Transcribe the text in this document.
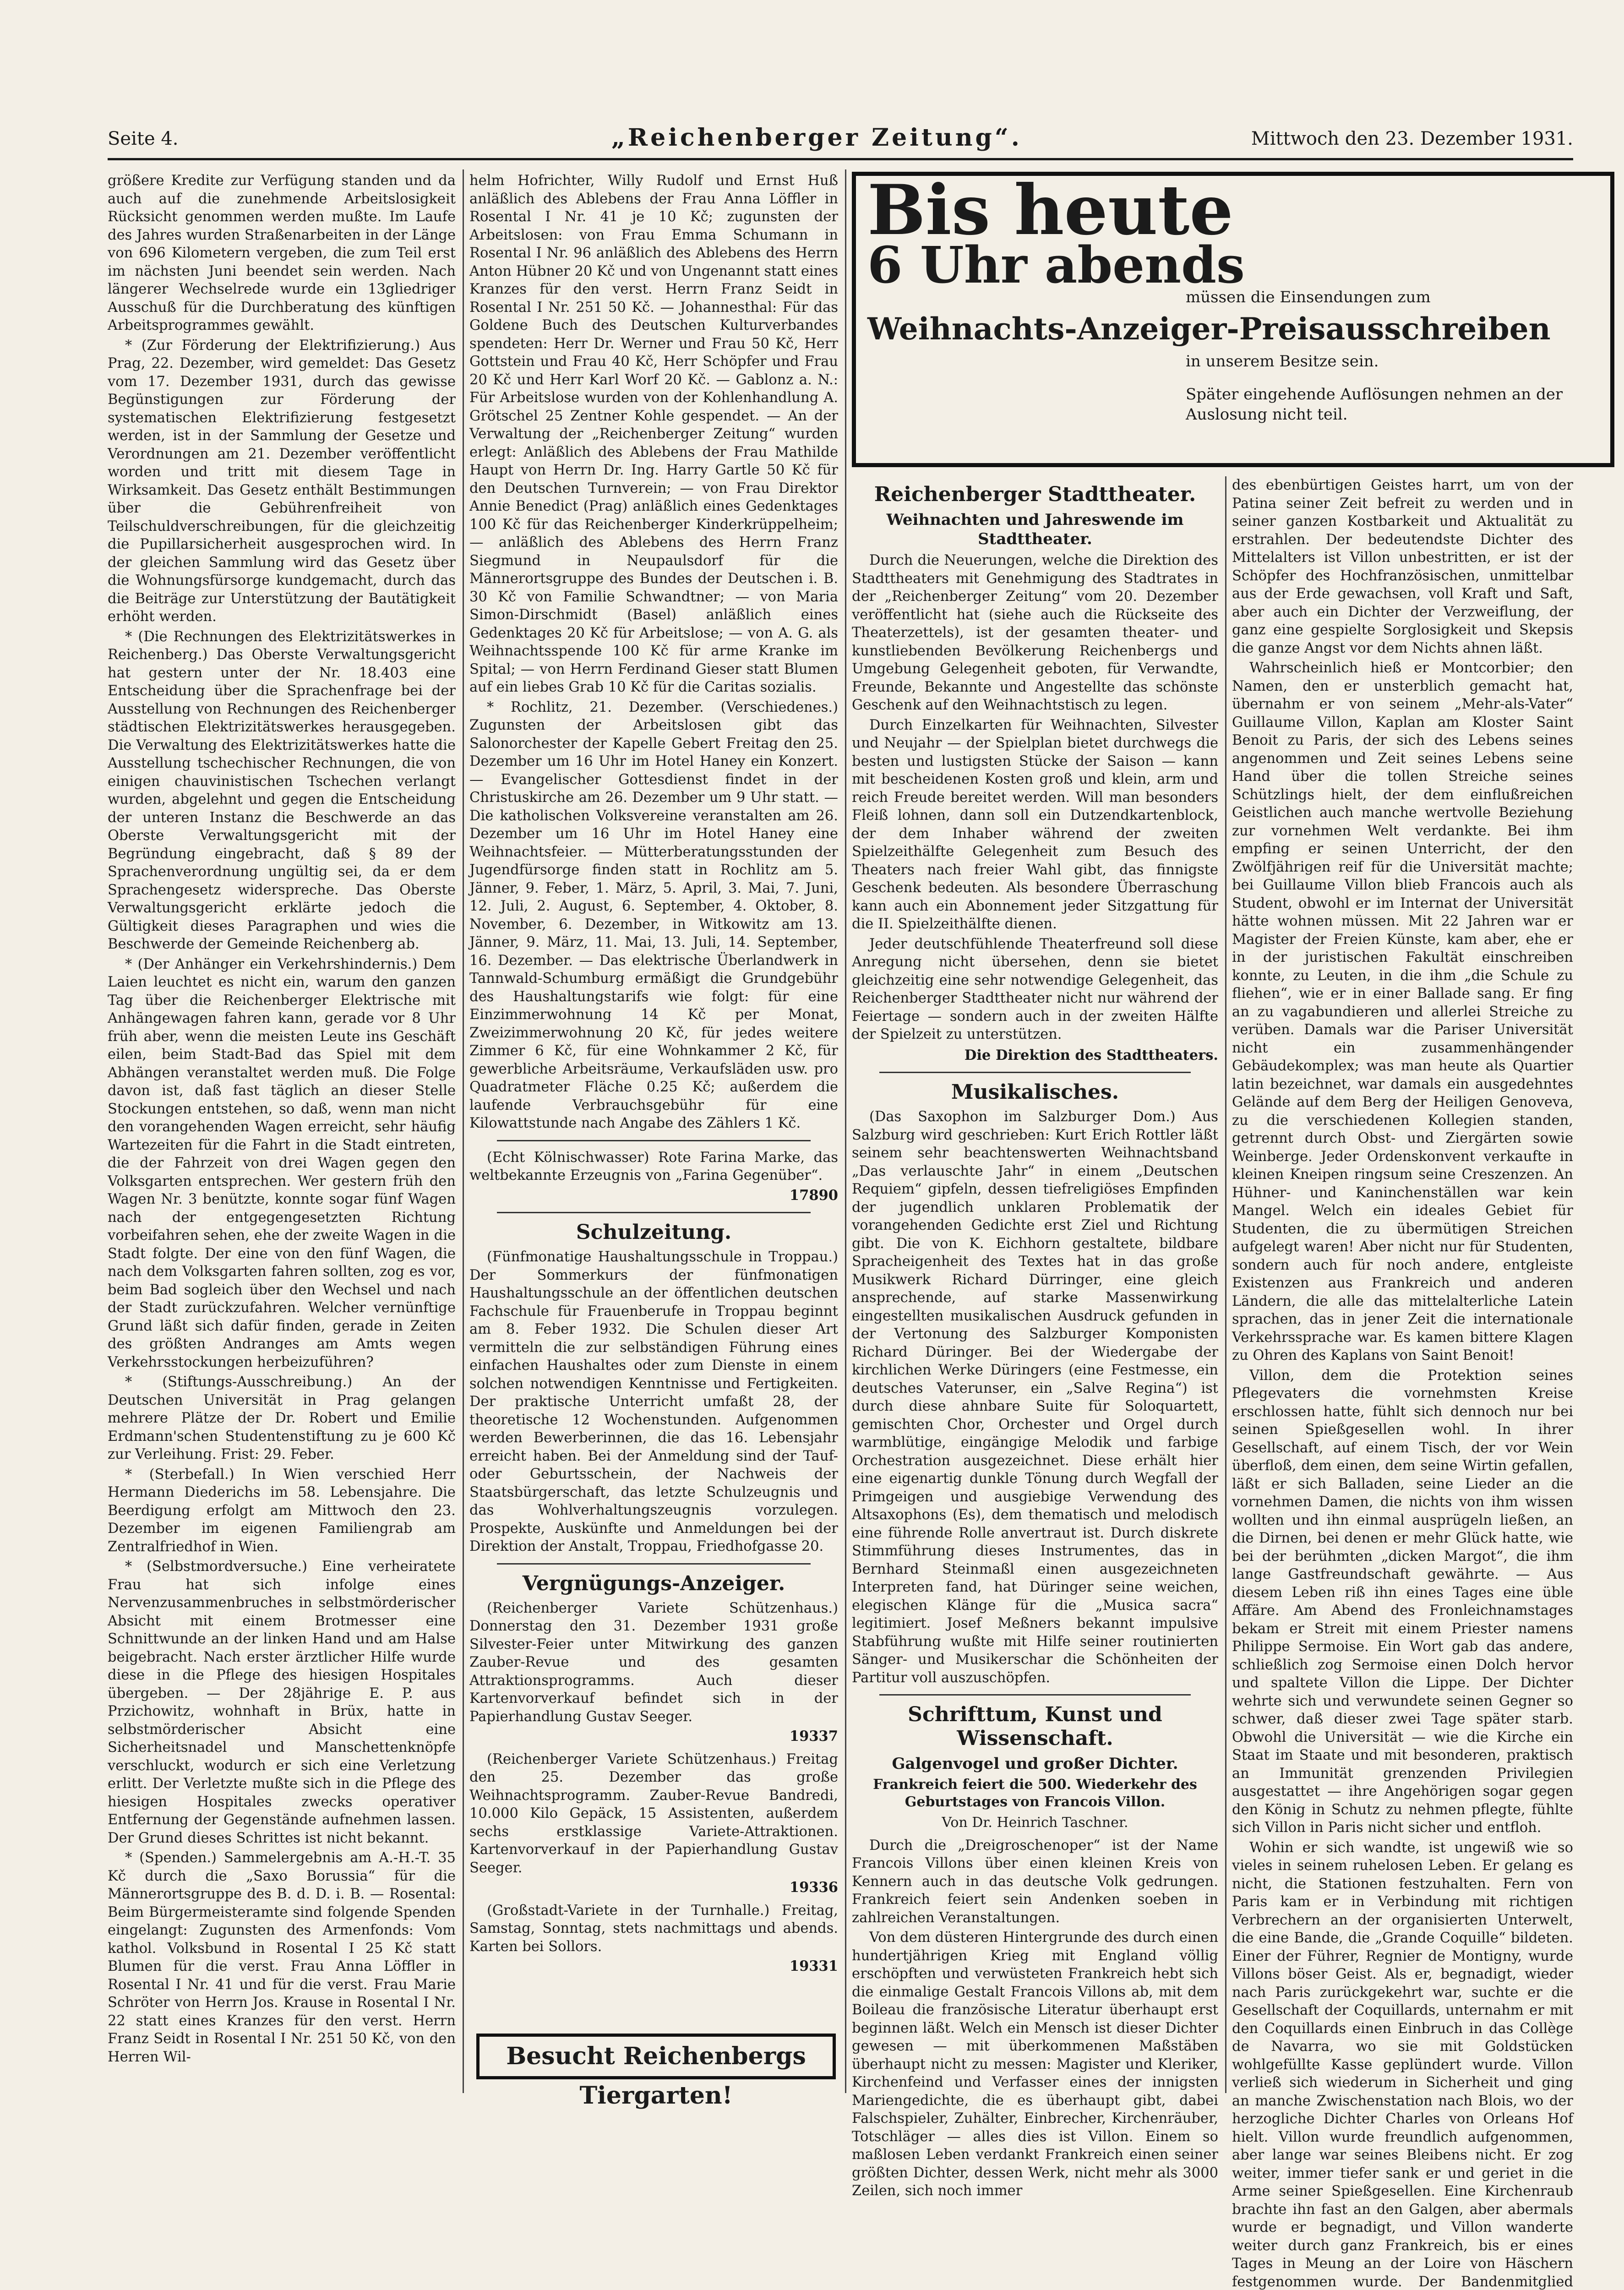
Seite 4.	„Reichenberger Zeitung“.	Mittwoch den 23. Dezember 1931.

größere Kredite zur Verfügung standen und da auch auf die zunehmende Arbeitslosigkeit Rücksicht genommen werden mußte. Im Laufe des Jahres wurden Straßenarbeiten in der Länge von 696 Kilometern vergeben, die zum Teil erst im nächsten Juni beendet sein werden. Nach längerer Wechselrede wurde ein 13gliedriger Ausschuß für die Durchberatung des künftigen Arbeitsprogrammes gewählt.

* (Zur Förderung der Elektrifizierung.) Aus Prag, 22. Dezember, wird gemeldet: Das Gesetz vom 17. Dezember 1931, durch das gewisse Begünstigungen zur Förderung der systematischen Elektrifizierung festgesetzt werden, ist in der Sammlung der Gesetze und Verordnungen am 21. Dezember veröffentlicht worden und tritt mit diesem Tage in Wirksamkeit. Das Gesetz enthält Bestimmungen über die Gebührenfreiheit von Teilschuldverschreibungen, für die gleichzeitig die Pupillarsicherheit ausgesprochen wird. In der gleichen Sammlung wird das Gesetz über die Wohnungsfürsorge kundgemacht, durch das die Beiträge zur Unterstützung der Bautätigkeit erhöht werden.

* (Die Rechnungen des Elektrizitätswerkes in Reichenberg.) Das Oberste Verwaltungsgericht hat gestern unter der Nr. 18.403 eine Entscheidung über die Sprachenfrage bei der Ausstellung von Rechnungen des Reichenberger städtischen Elektrizitätswerkes herausgegeben. Die Verwaltung des Elektrizitätswerkes hatte die Ausstellung tschechischer Rechnungen, die von einigen chauvinistischen Tschechen verlangt wurden, abgelehnt und gegen die Entscheidung der unteren Instanz die Beschwerde an das Oberste Verwaltungsgericht mit der Begründung eingebracht, daß § 89 der Sprachenverordnung ungültig sei, da er dem Sprachengesetz widerspreche. Das Oberste Verwaltungsgericht erklärte jedoch die Gültigkeit dieses Paragraphen und wies die Beschwerde der Gemeinde Reichenberg ab.

* (Der Anhänger ein Verkehrshindernis.) Dem Laien leuchtet es nicht ein, warum den ganzen Tag über die Reichenberger Elektrische mit Anhängewagen fahren kann, gerade vor 8 Uhr früh aber, wenn die meisten Leute ins Geschäft eilen, beim Stadt-Bad das Spiel mit dem Abhängen veranstaltet werden muß. Die Folge davon ist, daß fast täglich an dieser Stelle Stockungen entstehen, so daß, wenn man nicht den vorangehenden Wagen erreicht, sehr häufig Wartezeiten für die Fahrt in die Stadt eintreten, die der Fahrzeit von drei Wagen gegen den Volksgarten entsprechen. Wer gestern früh den Wagen Nr. 3 benützte, konnte sogar fünf Wagen nach der entgegengesetzten Richtung vorbeifahren sehen, ehe der zweite Wagen in die Stadt folgte. Der eine von den fünf Wagen, die nach dem Volksgarten fahren sollten, zog es vor, beim Bad sogleich über den Wechsel und nach der Stadt zurückzufahren. Welcher vernünftige Grund läßt sich dafür finden, gerade in Zeiten des größten Andranges am Amts wegen Verkehrsstockungen herbeizuführen?

* (Stiftungs-Ausschreibung.) An der Deutschen Universität in Prag gelangen mehrere Plätze der Dr. Robert und Emilie Erdmann'schen Studentenstiftung zu je 600 Kč zur Verleihung. Frist: 29. Feber.

* (Sterbefall.) In Wien verschied Herr Hermann Diederichs im 58. Lebensjahre. Die Beerdigung erfolgt am Mittwoch den 23. Dezember im eigenen Familiengrab am Zentralfriedhof in Wien.

* (Selbstmordversuche.) Eine verheiratete Frau hat sich infolge eines Nervenzusammenbruches in selbstmörderischer Absicht mit einem Brotmesser eine Schnittwunde an der linken Hand und am Halse beigebracht. Nach erster ärztlicher Hilfe wurde diese in die Pflege des hiesigen Hospitales übergeben. — Der 28jährige E. P. aus Przichowitz, wohnhaft in Brüx, hatte in selbstmörderischer Absicht eine Sicherheitsnadel und Manschettenknöpfe verschluckt, wodurch er sich eine Verletzung erlitt. Der Verletzte mußte sich in die Pflege des hiesigen Hospitales zwecks operativer Entfernung der Gegenstände aufnehmen lassen. Der Grund dieses Schrittes ist nicht bekannt.

* (Spenden.) Sammelergebnis am A.-H.-T. 35 Kč durch die „Saxo Borussia“ für die Männerortsgruppe des B. d. D. i. B. — Rosental: Beim Bürgermeisteramte sind folgende Spenden eingelangt: Zugunsten des Armenfonds: Vom kathol. Volksbund in Rosental I 25 Kč statt Blumen für die verst. Frau Anna Löffler in Rosental I Nr. 41 und für die verst. Frau Marie Schröter von Herrn Jos. Krause in Rosental I Nr. 22 statt eines Kranzes für den verst. Herrn Franz Seidt in Rosental I Nr. 251 50 Kč, von den Herren Wil-

helm Hofrichter, Willy Rudolf und Ernst Huß anläßlich des Ablebens der Frau Anna Löffler in Rosental I Nr. 41 je 10 Kč; zugunsten der Arbeitslosen: von Frau Emma Schumann in Rosental I Nr. 96 anläßlich des Ablebens des Herrn Anton Hübner 20 Kč und von Ungenannt statt eines Kranzes für den verst. Herrn Franz Seidt in Rosental I Nr. 251 50 Kč. — Johannesthal: Für das Goldene Buch des Deutschen Kulturverbandes spendeten: Herr Dr. Werner und Frau 50 Kč, Herr Gottstein und Frau 40 Kč, Herr Schöpfer und Frau 20 Kč und Herr Karl Worf 20 Kč. — Gablonz a. N.: Für Arbeitslose wurden von der Kohlenhandlung A. Grötschel 25 Zentner Kohle gespendet. — An der Verwaltung der „Reichenberger Zeitung“ wurden erlegt: Anläßlich des Ablebens der Frau Mathilde Haupt von Herrn Dr. Ing. Harry Gartle 50 Kč für den Deutschen Turnverein; — von Frau Direktor Annie Benedict (Prag) anläßlich eines Gedenktages 100 Kč für das Reichenberger Kinderkrüppelheim; — anläßlich des Ablebens des Herrn Franz Siegmund in Neupaulsdorf für die Männerortsgruppe des Bundes der Deutschen i. B. 30 Kč von Familie Schwandtner; — von Maria Simon-Dirschmidt (Basel) anläßlich eines Gedenktages 20 Kč für Arbeitslose; — von A. G. als Weihnachtsspende 100 Kč für arme Kranke im Spital; — von Herrn Ferdinand Gieser statt Blumen auf ein liebes Grab 10 Kč für die Caritas sozialis.

* Rochlitz, 21. Dezember. (Verschiedenes.) Zugunsten der Arbeitslosen gibt das Salonorchester der Kapelle Gebert Freitag den 25. Dezember um 16 Uhr im Hotel Haney ein Konzert. — Evangelischer Gottesdienst findet in der Christuskirche am 26. Dezember um 9 Uhr statt. — Die katholischen Volksvereine veranstalten am 26. Dezember um 16 Uhr im Hotel Haney eine Weihnachtsfeier. — Mütterberatungsstunden der Jugendfürsorge finden statt in Rochlitz am 5. Jänner, 9. Feber, 1. März, 5. April, 3. Mai, 7. Juni, 12. Juli, 2. August, 6. September, 4. Oktober, 8. November, 6. Dezember, in Witkowitz am 13. Jänner, 9. März, 11. Mai, 13. Juli, 14. September, 16. Dezember. — Das elektrische Überlandwerk in Tannwald-Schumburg ermäßigt die Grundgebühr des Haushaltungstarifs wie folgt: für eine Einzimmerwohnung 14 Kč per Monat, Zweizimmerwohnung 20 Kč, für jedes weitere Zimmer 6 Kč, für eine Wohnkammer 2 Kč, für gewerbliche Arbeitsräume, Verkaufsläden usw. pro Quadratmeter Fläche 0.25 Kč; außerdem die laufende Verbrauchsgebühr für eine Kilowattstunde nach Angabe des Zählers 1 Kč.

(Echt Kölnischwasser) Rote Farina Marke, das weltbekannte Erzeugnis von „Farina Gegenüber“.

17890
Schulzeitung.

(Fünfmonatige Haushaltungsschule in Troppau.) Der Sommerkurs der fünfmonatigen Haushaltungsschule an der öffentlichen deutschen Fachschule für Frauenberufe in Troppau beginnt am 8. Feber 1932. Die Schulen dieser Art vermitteln die zur selbständigen Führung eines einfachen Haushaltes oder zum Dienste in einem solchen notwendigen Kenntnisse und Fertigkeiten. Der praktische Unterricht umfaßt 28, der theoretische 12 Wochenstunden. Aufgenommen werden Bewerberinnen, die das 16. Lebensjahr erreicht haben. Bei der Anmeldung sind der Tauf- oder Geburtsschein, der Nachweis der Staatsbürgerschaft, das letzte Schulzeugnis und das Wohlverhaltungszeugnis vorzulegen. Prospekte, Auskünfte und Anmeldungen bei der Direktion der Anstalt, Troppau, Friedhofgasse 20.

Vergnügungs-Anzeiger.

(Reichenberger Variete Schützenhaus.) Donnerstag den 31. Dezember 1931 große Silvester-Feier unter Mitwirkung des ganzen Zauber-Revue und des gesamten Attraktionsprogramms. Auch dieser Kartenvorverkauf befindet sich in der Papierhandlung Gustav Seeger.

19337

(Reichenberger Variete Schützenhaus.) Freitag den 25. Dezember das große Weihnachtsprogramm. Zauber-Revue Bandredi, 10.000 Kilo Gepäck, 15 Assistenten, außerdem sechs erstklassige Variete-Attraktionen. Kartenvorverkauf in der Papierhandlung Gustav Seeger.

19336

(Großstadt-Variete in der Turnhalle.) Freitag, Samstag, Sonntag, stets nachmittags und abends. Karten bei Sollors.

19331
Besucht Reichenbergs Tiergarten!
Bis heute
6 Uhr abends
müssen die Einsendungen zum
Weihnachts-Anzeiger-Preisausschreiben
in unserem Besitze sein.
Später eingehende Auflösungen nehmen an der Auslosung nicht teil.
Reichenberger Stadttheater.
Weihnachten und Jahreswende im Stadttheater.

Durch die Neuerungen, welche die Direktion des Stadttheaters mit Genehmigung des Stadtrates in der „Reichenberger Zeitung“ vom 20. Dezember veröffentlicht hat (siehe auch die Rückseite des Theaterzettels), ist der gesamten theater- und kunstliebenden Bevölkerung Reichenbergs und Umgebung Gelegenheit geboten, für Verwandte, Freunde, Bekannte und Angestellte das schönste Geschenk auf den Weihnachtstisch zu legen.

Durch Einzelkarten für Weihnachten, Silvester und Neujahr — der Spielplan bietet durchwegs die besten und lustigsten Stücke der Saison — kann mit bescheidenen Kosten groß und klein, arm und reich Freude bereitet werden. Will man besonders Fleiß lohnen, dann soll ein Dutzendkartenblock, der dem Inhaber während der zweiten Spielzeithälfte Gelegenheit zum Besuch des Theaters nach freier Wahl gibt, das finnigste Geschenk bedeuten. Als besondere Überraschung kann auch ein Abonnement jeder Sitzgattung für die II. Spielzeithälfte dienen.

Jeder deutschfühlende Theaterfreund soll diese Anregung nicht übersehen, denn sie bietet gleichzeitig eine sehr notwendige Gelegenheit, das Reichenberger Stadttheater nicht nur während der Feiertage — sondern auch in der zweiten Hälfte der Spielzeit zu unterstützen.

Die Direktion des Stadttheaters.
Musikalisches.

(Das Saxophon im Salzburger Dom.) Aus Salzburg wird geschrieben: Kurt Erich Rottler läßt seinem sehr beachtenswerten Weihnachtsband „Das verlauschte Jahr“ in einem „Deutschen Requiem“ gipfeln, dessen tiefreligiöses Empfinden der jugendlich unklaren Problematik der vorangehenden Gedichte erst Ziel und Richtung gibt. Die von K. Eichhorn gestaltete, bildbare Spracheigenheit des Textes hat in das große Musikwerk Richard Dürringer, eine gleich ansprechende, auf starke Massenwirkung eingestellten musikalischen Ausdruck gefunden in der Vertonung des Salzburger Komponisten Richard Düringer. Bei der Wiedergabe der kirchlichen Werke Düringers (eine Festmesse, ein deutsches Vaterunser, ein „Salve Regina“) ist durch diese ahnbare Suite für Soloquartett, gemischten Chor, Orchester und Orgel durch warmblütige, eingängige Melodik und farbige Orchestration ausgezeichnet. Diese erhält hier eine eigenartig dunkle Tönung durch Wegfall der Primgeigen und ausgiebige Verwendung des Altsaxophons (Es), dem thematisch und melodisch eine führende Rolle anvertraut ist. Durch diskrete Stimmführung dieses Instrumentes, das in Bernhard Steinmaßl einen ausgezeichneten Interpreten fand, hat Düringer seine weichen, elegischen Klänge für die „Musica sacra“ legitimiert. Josef Meßners bekannt impulsive Stabführung wußte mit Hilfe seiner routinierten Sänger- und Musikerschar die Schönheiten der Partitur voll auszuschöpfen.

Schrifttum, Kunst und Wissenschaft.
Galgenvogel und großer Dichter.
Frankreich feiert die 500. Wiederkehr des Geburtstages von Francois Villon.
Von Dr. Heinrich Taschner.

Durch die „Dreigroschenoper“ ist der Name Francois Villons über einen kleinen Kreis von Kennern auch in das deutsche Volk gedrungen. Frankreich feiert sein Andenken soeben in zahlreichen Veranstaltungen.

Von dem düsteren Hintergrunde des durch einen hundertjährigen Krieg mit England völlig erschöpften und verwüsteten Frankreich hebt sich die einmalige Gestalt Francois Villons ab, mit dem Boileau die französische Literatur überhaupt erst beginnen läßt. Welch ein Mensch ist dieser Dichter gewesen — mit überkommenen Maßstäben überhaupt nicht zu messen: Magister und Kleriker, Kirchenfeind und Verfasser eines der innigsten Mariengedichte, die es überhaupt gibt, dabei Falschspieler, Zuhälter, Einbrecher, Kirchenräuber, Totschläger — alles dies ist Villon. Einem so maßlosen Leben verdankt Frankreich einen seiner größten Dichter, dessen Werk, nicht mehr als 3000 Zeilen, sich noch immer

des ebenbürtigen Geistes harrt, um von der Patina seiner Zeit befreit zu werden und in seiner ganzen Kostbarkeit und Aktualität zu erstrahlen. Der bedeutendste Dichter des Mittelalters ist Villon unbestritten, er ist der Schöpfer des Hochfranzösischen, unmittelbar aus der Erde gewachsen, voll Kraft und Saft, aber auch ein Dichter der Verzweiflung, der ganz eine gespielte Sorglosigkeit und Skepsis die ganze Angst vor dem Nichts ahnen läßt.

Wahrscheinlich hieß er Montcorbier; den Namen, den er unsterblich gemacht hat, übernahm er von seinem „Mehr-als-Vater“ Guillaume Villon, Kaplan am Kloster Saint Benoit zu Paris, der sich des Lebens seines angenommen und Zeit seines Lebens seine Hand über die tollen Streiche seines Schützlings hielt, der dem einflußreichen Geistlichen auch manche wertvolle Beziehung zur vornehmen Welt verdankte. Bei ihm empfing er seinen Unterricht, der den Zwölfjährigen reif für die Universität machte; bei Guillaume Villon blieb Francois auch als Student, obwohl er im Internat der Universität hätte wohnen müssen. Mit 22 Jahren war er Magister der Freien Künste, kam aber, ehe er in der juristischen Fakultät einschreiben konnte, zu Leuten, in die ihm „die Schule zu fliehen“, wie er in einer Ballade sang. Er fing an zu vagabundieren und allerlei Streiche zu verüben. Damals war die Pariser Universität nicht ein zusammenhängender Gebäudekomplex; was man heute als Quartier latin bezeichnet, war damals ein ausgedehntes Gelände auf dem Berg der Heiligen Genoveva, zu die verschiedenen Kollegien standen, getrennt durch Obst- und Ziergärten sowie Weinberge. Jeder Ordenskonvent verkaufte in kleinen Kneipen ringsum seine Creszenzen. An Hühner- und Kaninchenställen war kein Mangel. Welch ein ideales Gebiet für Studenten, die zu übermütigen Streichen aufgelegt waren! Aber nicht nur für Studenten, sondern auch für noch andere, entgleiste Existenzen aus Frankreich und anderen Ländern, die alle das mittelalterliche Latein sprachen, das in jener Zeit die internationale Verkehrssprache war. Es kamen bittere Klagen zu Ohren des Kaplans von Saint Benoit!

Villon, dem die Protektion seines Pflegevaters die vornehmsten Kreise erschlossen hatte, fühlt sich dennoch nur bei seinen Spießgesellen wohl. In ihrer Gesellschaft, auf einem Tisch, der vor Wein überfloß, dem einen, dem seine Wirtin gefallen, läßt er sich Balladen, seine Lieder an die vornehmen Damen, die nichts von ihm wissen wollten und ihn einmal ausprügeln ließen, an die Dirnen, bei denen er mehr Glück hatte, wie bei der berühmten „dicken Margot“, die ihm lange Gastfreundschaft gewährte. — Aus diesem Leben riß ihn eines Tages eine üble Affäre. Am Abend des Fronleichnamstages bekam er Streit mit einem Priester namens Philippe Sermoise. Ein Wort gab das andere, schließlich zog Sermoise einen Dolch hervor und spaltete Villon die Lippe. Der Dichter wehrte sich und verwundete seinen Gegner so schwer, daß dieser zwei Tage später starb. Obwohl die Universität — wie die Kirche ein Staat im Staate und mit besonderen, praktisch an Immunität grenzenden Privilegien ausgestattet — ihre Angehörigen sogar gegen den König in Schutz zu nehmen pflegte, fühlte sich Villon in Paris nicht sicher und entfloh.

Wohin er sich wandte, ist ungewiß wie so vieles in seinem ruhelosen Leben. Er gelang es nicht, die Stationen festzuhalten. Fern von Paris kam er in Verbindung mit richtigen Verbrechern an der organisierten Unterwelt, die eine Bande, die „Grande Coquille“ bildeten. Einer der Führer, Regnier de Montigny, wurde Villons böser Geist. Als er, begnadigt, wieder nach Paris zurückgekehrt war, suchte er die Gesellschaft der Coquillards, unternahm er mit den Coquillards einen Einbruch in das Collège de Navarra, wo sie mit Goldstücken wohlgefüllte Kasse geplündert wurde. Villon verließ sich wiederum in Sicherheit und ging an manche Zwischenstation nach Blois, wo der herzogliche Dichter Charles von Orleans Hof hielt. Villon wurde freundlich aufgenommen, aber lange war seines Bleibens nicht. Er zog weiter, immer tiefer sank er und geriet in die Arme seiner Spießgesellen. Eine Kirchenraub brachte ihn fast an den Galgen, aber abermals wurde er begnadigt, und Villon wanderte weiter durch ganz Frankreich, bis er eines Tages in Meung an der Loire von Häschern festgenommen wurde. Der Bandenmitglied
